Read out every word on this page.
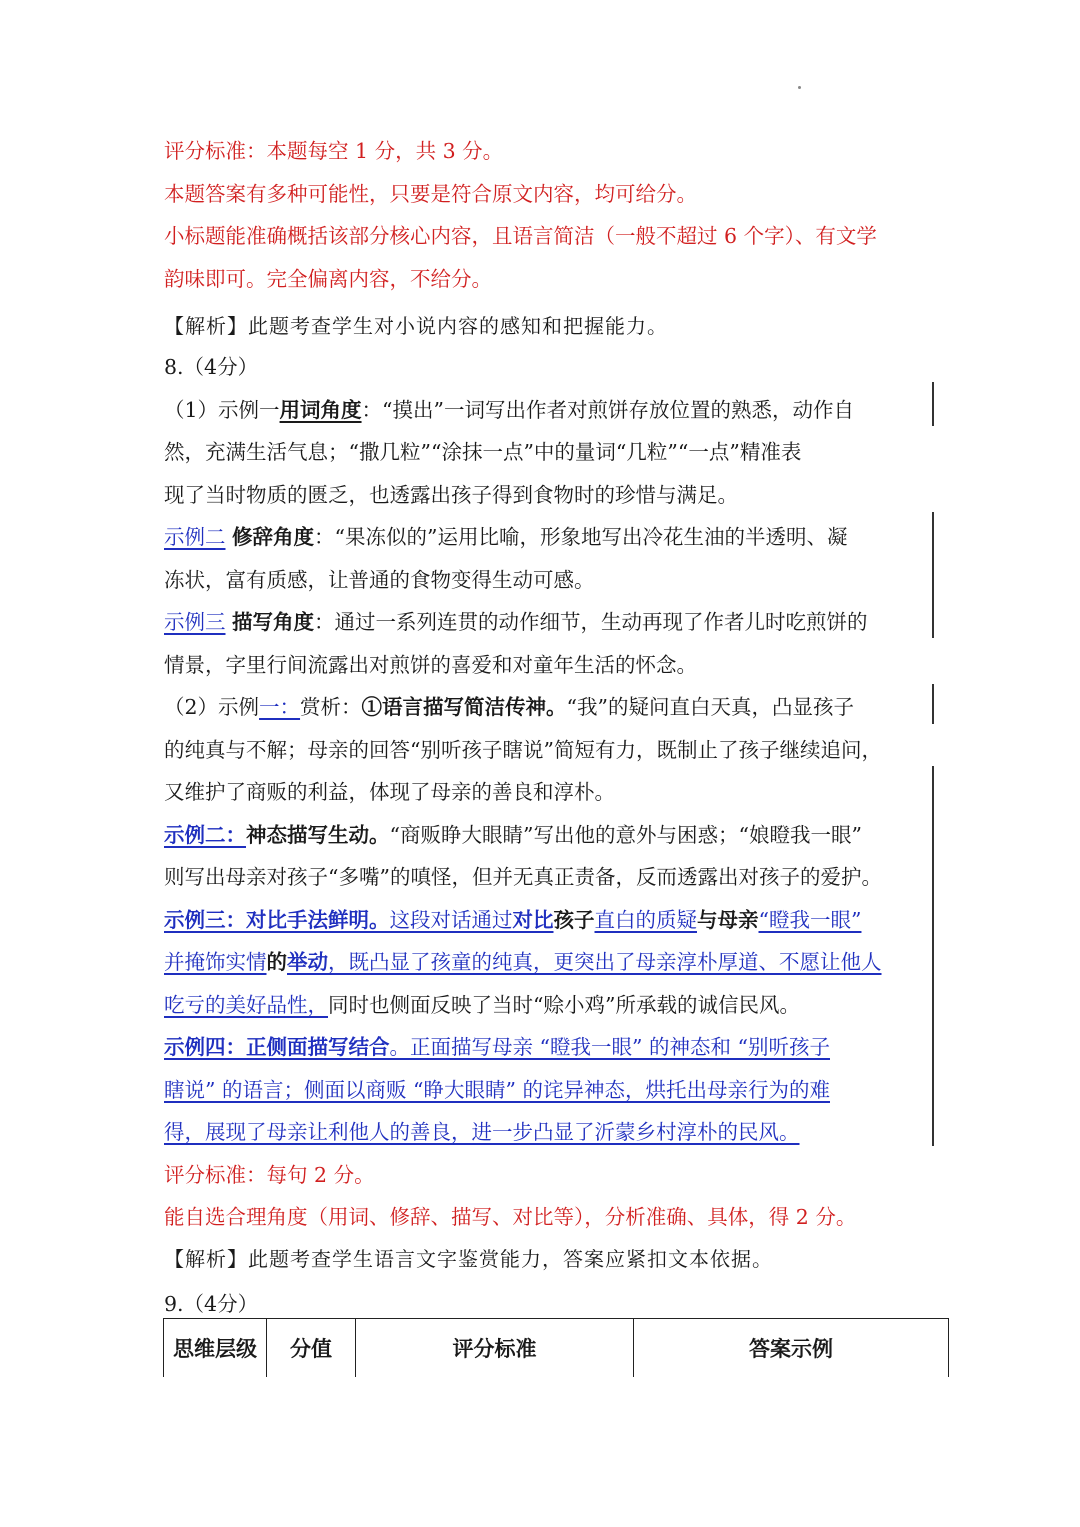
评分标准：本题每空 1 分，共 3 分。
本题答案有多种可能性，只要是符合原文内容，均可给分。
小标题能准确概括该部分核心内容，且语言简洁（一般不超过 6 个字）、有文学
韵味即可。完全偏离内容，不给分。
【解析】此题考查学生对小说内容的感知和把握能力。
8.（4分）
（1）示例一用词角度：“摸出”一词写出作者对煎饼存放位置的熟悉，动作自
然，充满生活气息；“撒几粒”“涂抹一点”中的量词“几粒”“一点”精准表
现了当时物质的匮乏，也透露出孩子得到食物时的珍惜与满足。
示例二 修辞角度：“果冻似的”运用比喻，形象地写出冷花生油的半透明、凝
冻状，富有质感，让普通的食物变得生动可感。
示例三 描写角度：通过一系列连贯的动作细节，生动再现了作者儿时吃煎饼的
情景，字里行间流露出对煎饼的喜爱和对童年生活的怀念。
（2）示例一：赏析：①语言描写简洁传神。“我”的疑问直白天真，凸显孩子
的纯真与不解；母亲的回答“别听孩子瞎说”简短有力，既制止了孩子继续追问，
又维护了商贩的利益，体现了母亲的善良和淳朴。
示例二：神态描写生动。“商贩睁大眼睛”写出他的意外与困惑；“娘瞪我一眼”
则写出母亲对孩子“多嘴”的嗔怪，但并无真正责备，反而透露出对孩子的爱护。
示例三：对比手法鲜明。这段对话通过对比孩子直白的质疑与母亲“瞪我一眼”
并掩饰实情的举动，既凸显了孩童的纯真，更突出了母亲淳朴厚道、不愿让他人
吃亏的美好品性，同时也侧面反映了当时“赊小鸡”所承载的诚信民风。
示例四：正侧面描写结合。正面描写母亲 “瞪我一眼” 的神态和 “别听孩子
瞎说” 的语言；侧面以商贩 “睁大眼睛” 的诧异神态，烘托出母亲行为的难
得，展现了母亲让利他人的善良，进一步凸显了沂蒙乡村淳朴的民风。
评分标准：每句 2 分。
能自选合理角度（用词、修辞、描写、对比等），分析准确、具体，得 2 分。
【解析】此题考查学生语言文字鉴赏能力，答案应紧扣文本依据。
9.（4分）
思维层级	分值	评分标准	答案示例
